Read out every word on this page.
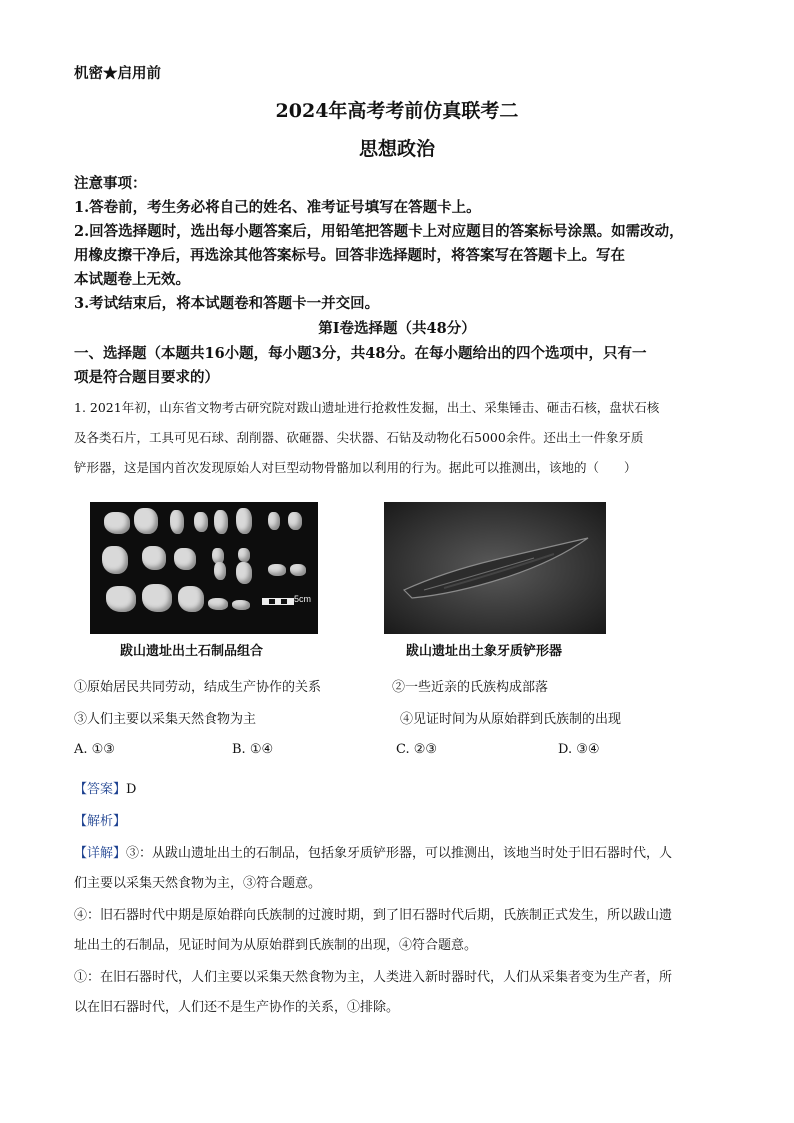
机密★启用前
2024年高考考前仿真联考二
思想政治
注意事项：
1.答卷前，考生务必将自己的姓名、准考证号填写在答题卡上。
2.回答选择题时，选出每小题答案后，用铅笔把答题卡上对应题目的答案标号涂黑。如需改动，
用橡皮擦干净后，再选涂其他答案标号。回答非选择题时，将答案写在答题卡上。写在
本试题卷上无效。
3.考试结束后，将本试题卷和答题卡一并交回。
第Ⅰ卷选择题（共48分）
一、选择题（本题共16小题，每小题3分，共48分。在每小题给出的四个选项中，只有一
项是符合题目要求的）
1. 2021年初，山东省文物考古研究院对跋山遗址进行抢救性发掘，出土、采集锤击、砸击石核，盘状石核
及各类石片，工具可见石球、刮削器、砍砸器、尖状器、石钻及动物化石5000余件。还出土一件象牙质
铲形器，这是国内首次发现原始人对巨型动物骨骼加以利用的行为。据此可以推测出，该地的（　　）
5cm
跋山遗址出土石制品组合	跋山遗址出土象牙质铲形器
①原始居民共同劳动，结成生产协作的关系	②一些近亲的氏族构成部落
③人们主要以采集天然食物为主	④见证时间为从原始群到氏族制的出现
A. ①③	B. ①④	C. ②③	D. ③④
【答案】D
【解析】
【详解】③：从跋山遗址出土的石制品，包括象牙质铲形器，可以推测出，该地当时处于旧石器时代，人
们主要以采集天然食物为主，③符合题意。
④：旧石器时代中期是原始群向氏族制的过渡时期，到了旧石器时代后期，氏族制正式发生，所以跋山遗
址出土的石制品，见证时间为从原始群到氏族制的出现，④符合题意。
①：在旧石器时代，人们主要以采集天然食物为主，人类进入新时器时代，人们从采集者变为生产者，所
以在旧石器时代，人们还不是生产协作的关系，①排除。
